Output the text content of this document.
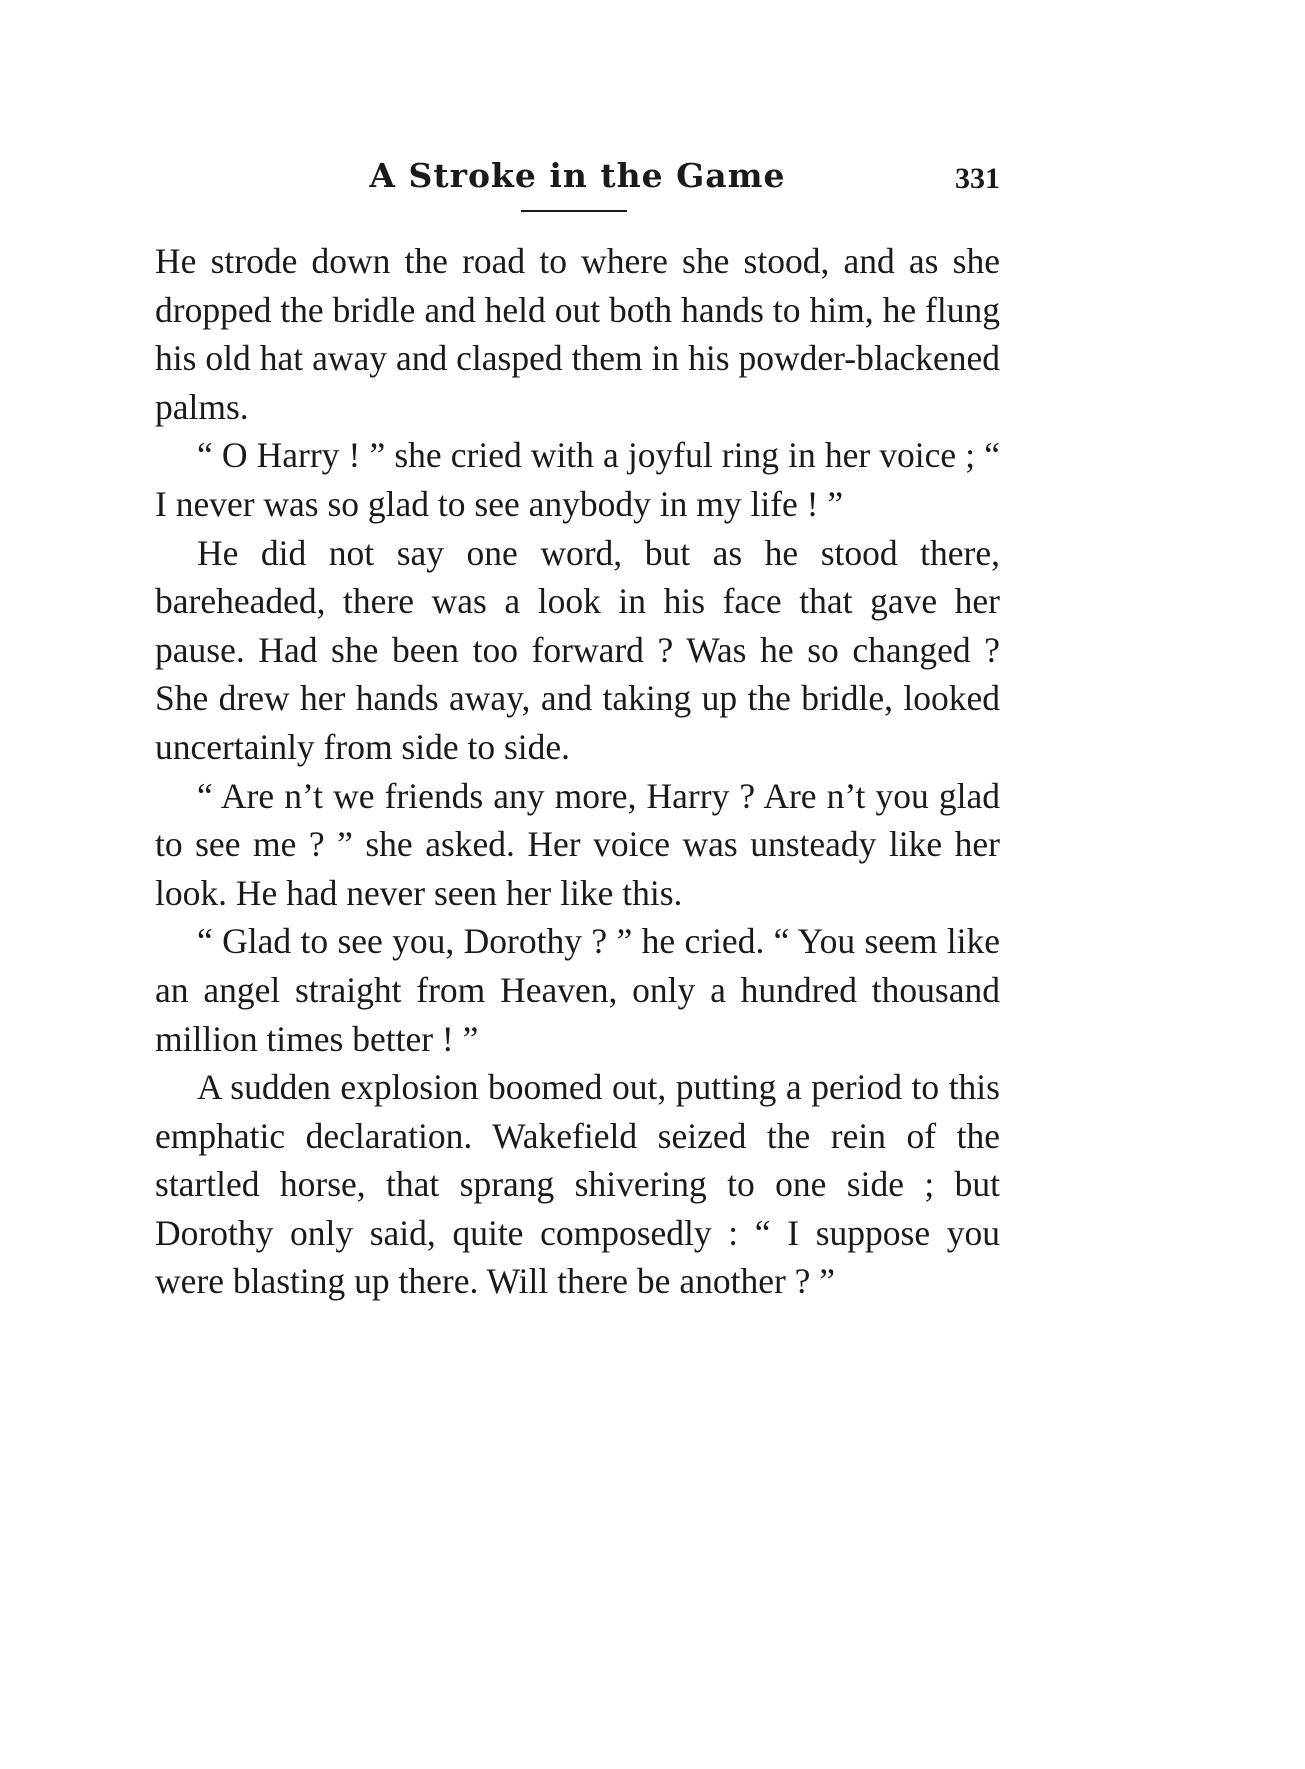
A Stroke in the Game	331

He strode down the road to where she stood, and as she dropped the bridle and held out both hands to him, he flung his old hat away and clasped them in his powder-blackened palms.

“ O Harry ! ” she cried with a joyful ring in her voice ; “ I never was so glad to see anybody in my life ! ”

He did not say one word, but as he stood there, bareheaded, there was a look in his face that gave her pause. Had she been too forward ? Was he so changed ? She drew her hands away, and taking up the bridle, looked uncertainly from side to side.

“ Are n’t we friends any more, Harry ? Are n’t you glad to see me ? ” she asked. Her voice was unsteady like her look. He had never seen her like this.

“ Glad to see you, Dorothy ? ” he cried. “ You seem like an angel straight from Heaven, only a hundred thousand million times better ! ”

A sudden explosion boomed out, putting a period to this emphatic declaration. Wakefield seized the rein of the startled horse, that sprang shivering to one side ; but Dorothy only said, quite composedly : “ I suppose you were blasting up there. Will there be another ? ”
